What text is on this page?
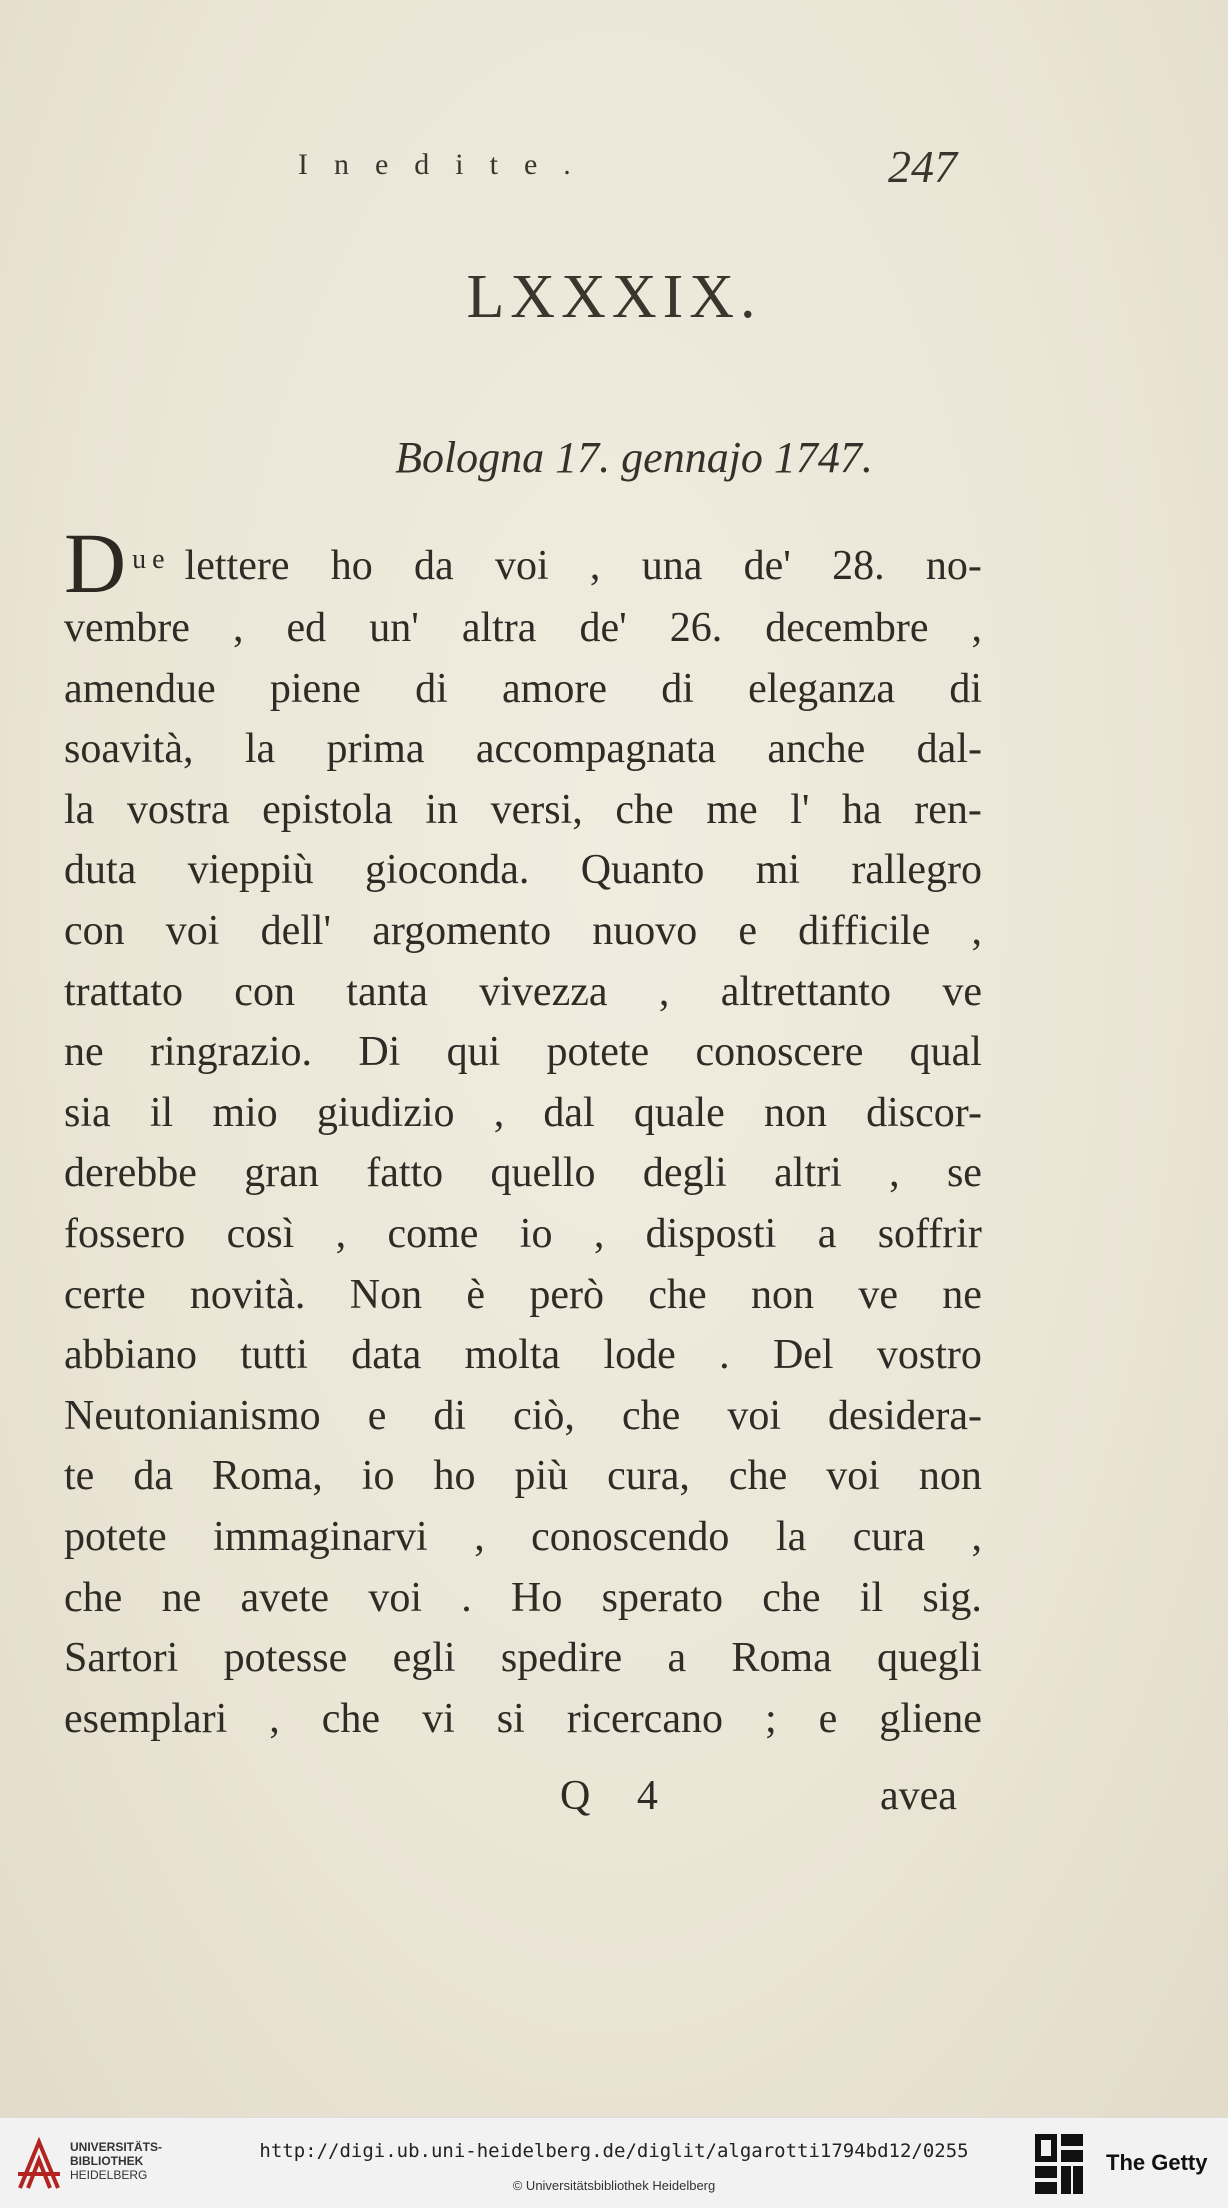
Inedite.	247
LXXXIX.
Bologna 17. gennajo 1747.
D ue lettere ho da voi , una de' 28. no-
vembre , ed un' altra de' 26. decembre ,
amendue piene di amore di eleganza di
soavità, la prima accompagnata anche dal-
la vostra epistola in versi, che me l' ha ren-
duta vieppiù gioconda. Quanto mi rallegro
con voi dell' argomento nuovo e difficile ,
trattato con tanta vivezza , altrettanto ve
ne ringrazio. Di qui potete conoscere qual
sia il mio giudizio , dal quale non discor-
derebbe gran fatto quello degli altri , se
fossero così , come io , disposti a soffrir
certe novità. Non è però che non ve ne
abbiano tutti data molta lode . Del vostro
Neutonianismo e di ciò, che voi desidera-
te da Roma, io ho più cura, che voi non
potete immaginarvi , conoscendo la cura ,
che ne avete voi . Ho sperato che il sig.
Sartori potesse egli spedire a Roma quegli
esemplari , che vi si ricercano ; e gliene
Q 4	avea
UNIVERSITÄTS-
BIBLIOTHEK
HEIDELBERG
http://digi.ub.uni-heidelberg.de/diglit/algarotti1794bd12/0255
© Universitätsbibliothek Heidelberg
The Getty
